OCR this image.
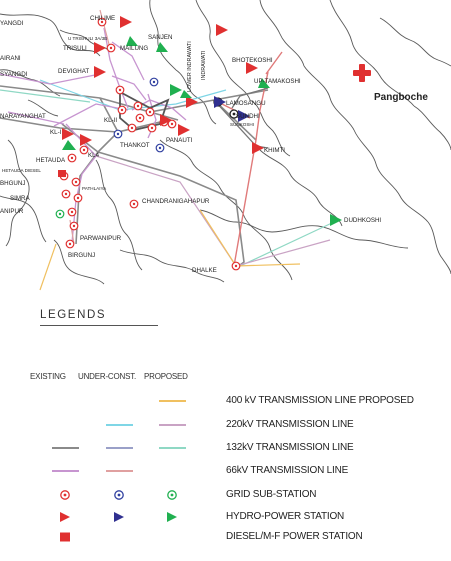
YANGDI
CHILIME
U TRISHULI 3A/3B	SANJEN
MAILUNG
TRISULI
AIRANI
SYANGDI	DEVIGHAT	LOWER INDRAWATI INDRAWATI	BHOTEKOSHI
UP-TAMAKOSHI
Pangboche
NARAYANGHAT
LAMOSANGU
SUNDHI
SUNKOSHI
KL-II
KL-I
THANKOT
PANAUTI
KHIMTI
HETAUDA
HETAUDA DIESEL
KL4
BHGUNJ
PATHLAIYA
SIMRA	CHANDRANIGAHAPUR
ANIPUR
DUDHKOSHI
PARWANIPUR
BIRGUNJ
DHALKE
LEGENDS
EXISTING UNDER-CONST. PROPOSED
400 kV TRANSMISSION LINE PROPOSED
220kV TRANSMISSION LINE
132kV TRANSMISSION LINE
66kV TRANSMISSION LINE
GRID SUB-STATION
HYDRO-POWER STATION
DIESEL/M-F POWER STATION
